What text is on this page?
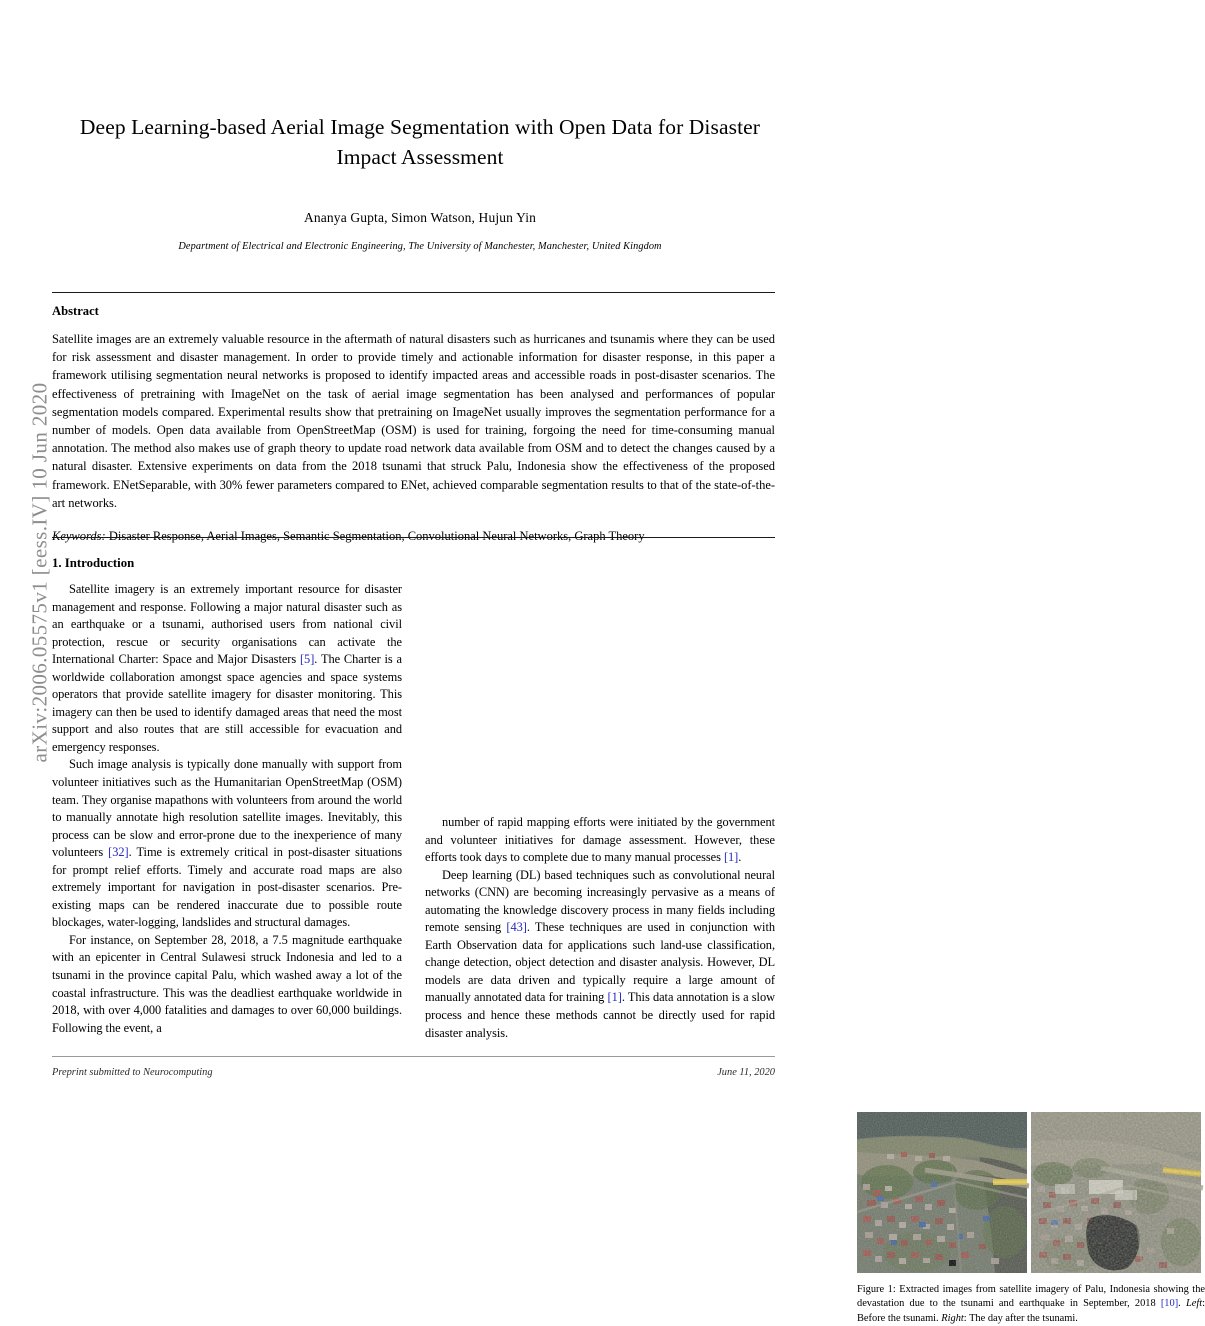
arXiv:2006.05575v1 [eess.IV] 10 Jun 2020
Deep Learning-based Aerial Image Segmentation with Open Data for Disaster Impact Assessment
Ananya Gupta, Simon Watson, Hujun Yin
Department of Electrical and Electronic Engineering, The University of Manchester, Manchester, United Kingdom
Abstract

Satellite images are an extremely valuable resource in the aftermath of natural disasters such as hurricanes and tsunamis where they can be used for risk assessment and disaster management. In order to provide timely and actionable information for disaster response, in this paper a framework utilising segmentation neural networks is proposed to identify impacted areas and accessible roads in post-disaster scenarios. The effectiveness of pretraining with ImageNet on the task of aerial image segmentation has been analysed and performances of popular segmentation models compared. Experimental results show that pretraining on ImageNet usually improves the segmentation performance for a number of models. Open data available from OpenStreetMap (OSM) is used for training, forgoing the need for time-consuming manual annotation. The method also makes use of graph theory to update road network data available from OSM and to detect the changes caused by a natural disaster. Extensive experiments on data from the 2018 tsunami that struck Palu, Indonesia show the effectiveness of the proposed framework. ENetSeparable, with 30% fewer parameters compared to ENet, achieved comparable segmentation results to that of the state-of-the-art networks.

1. Introduction

Satellite imagery is an extremely important resource for disaster management and response. Following a major natural disaster such as an earthquake or a tsunami, authorised users from national civil protection, rescue or security organisations can activate the International Charter: Space and Major Disasters [5]. The Charter is a worldwide collaboration amongst space agencies and space systems operators that provide satellite imagery for disaster monitoring. This imagery can then be used to identify damaged areas that need the most support and also routes that are still accessible for evacuation and emergency responses.

Such image analysis is typically done manually with support from volunteer initiatives such as the Humanitarian OpenStreetMap (OSM) team. They organise mapathons with volunteers from around the world to manually annotate high resolution satellite images. Inevitably, this process can be slow and error-prone due to the inexperience of many volunteers [32]. Time is extremely critical in post-disaster situations for prompt relief efforts. Timely and accurate road maps are also extremely important for navigation in post-disaster scenarios. Pre-existing maps can be rendered inaccurate due to possible route blockages, water-logging, landslides and structural damages.

For instance, on September 28, 2018, a 7.5 magnitude earthquake with an epicenter in Central Sulawesi struck Indonesia and led to a tsunami in the province capital Palu, which washed away a lot of the coastal infrastructure. This was the deadliest earthquake worldwide in 2018, with over 4,000 fatalities and damages to over 60,000 buildings. Following the event, a

Figure 1: Extracted images from satellite imagery of Palu, Indonesia showing the devastation due to the tsunami and earthquake in September, 2018 [10]. Left: Before the tsunami. Right: The day after the tsunami.

number of rapid mapping efforts were initiated by the government and volunteer initiatives for damage assessment. However, these efforts took days to complete due to many manual processes [1].

Deep learning (DL) based techniques such as convolutional neural networks (CNN) are becoming increasingly pervasive as a means of automating the knowledge discovery process in many fields including remote sensing [43]. These techniques are used in conjunction with Earth Observation data for applications such land-use classification, change detection, object detection and disaster analysis. However, DL models are data driven and typically require a large amount of manually annotated data for training [1]. This data annotation is a slow process and hence these methods cannot be directly used for rapid disaster analysis.

Preprint submitted to Neurocomputing	June 11, 2020
